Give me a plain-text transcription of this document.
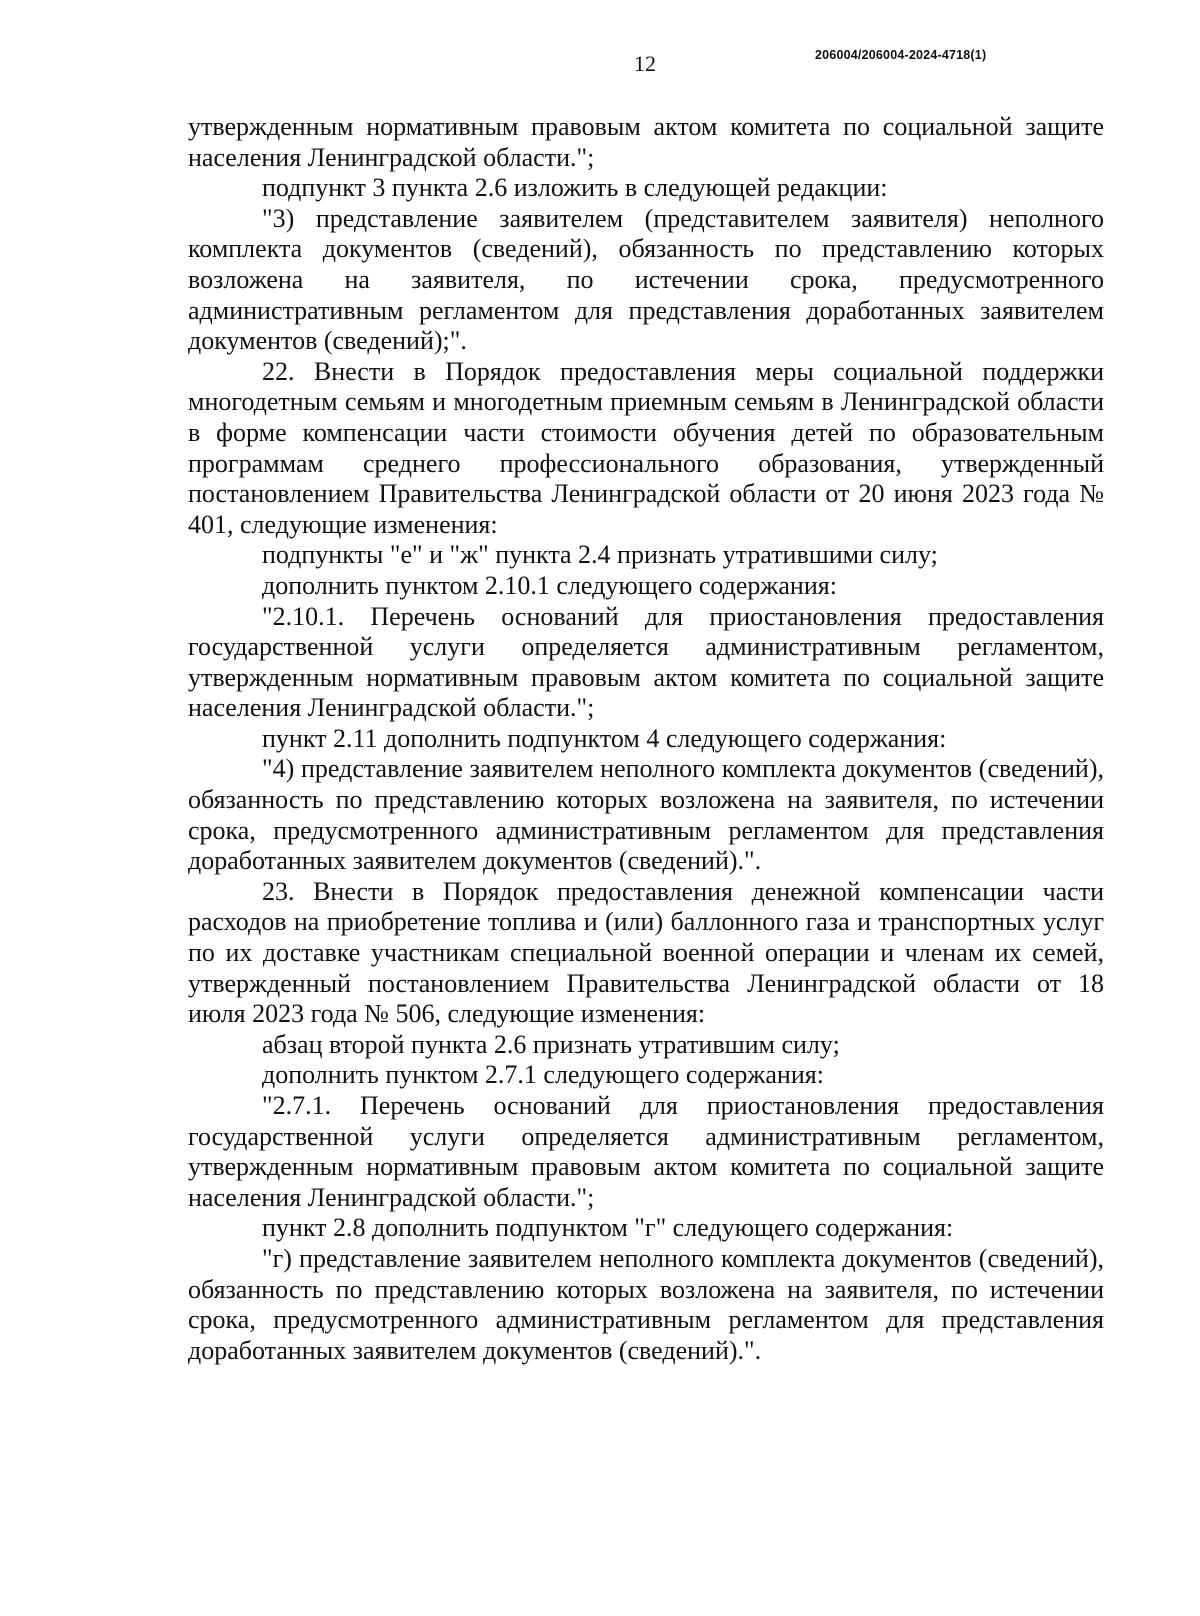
12	206004/206004-2024-4718(1)

утвержденным нормативным правовым актом комитета по социальной защите населения Ленинградской области.";

подпункт 3 пункта 2.6 изложить в следующей редакции:

"3) представление заявителем (представителем заявителя) неполного комплекта документов (сведений), обязанность по представлению которых возложена на заявителя, по истечении срока, предусмотренного административным регламентом для представления доработанных заявителем документов (сведений);".

22. Внести в Порядок предоставления меры социальной поддержки многодетным семьям и многодетным приемным семьям в Ленинградской области в форме компенсации части стоимости обучения детей по образовательным программам среднего профессионального образования, утвержденный постановлением Правительства Ленинградской области от 20 июня 2023 года № 401, следующие изменения:

подпункты "е" и "ж" пункта 2.4 признать утратившими силу;

дополнить пунктом 2.10.1 следующего содержания:

"2.10.1. Перечень оснований для приостановления предоставления государственной услуги определяется административным регламентом, утвержденным нормативным правовым актом комитета по социальной защите населения Ленинградской области.";

пункт 2.11 дополнить подпунктом 4 следующего содержания:

"4) представление заявителем неполного комплекта документов (сведений), обязанность по представлению которых возложена на заявителя, по истечении срока, предусмотренного административным регламентом для представления доработанных заявителем документов (сведений).".

23. Внести в Порядок предоставления денежной компенсации части расходов на приобретение топлива и (или) баллонного газа и транспортных услуг по их доставке участникам специальной военной операции и членам их семей, утвержденный постановлением Правительства Ленинградской области от 18 июля 2023 года № 506, следующие изменения:

абзац второй пункта 2.6 признать утратившим силу;

дополнить пунктом 2.7.1 следующего содержания:

"2.7.1. Перечень оснований для приостановления предоставления государственной услуги определяется административным регламентом, утвержденным нормативным правовым актом комитета по социальной защите населения Ленинградской области.";

пункт 2.8 дополнить подпунктом "г" следующего содержания:

"г) представление заявителем неполного комплекта документов (сведений), обязанность по представлению которых возложена на заявителя, по истечении срока, предусмотренного административным регламентом для представления доработанных заявителем документов (сведений).".
